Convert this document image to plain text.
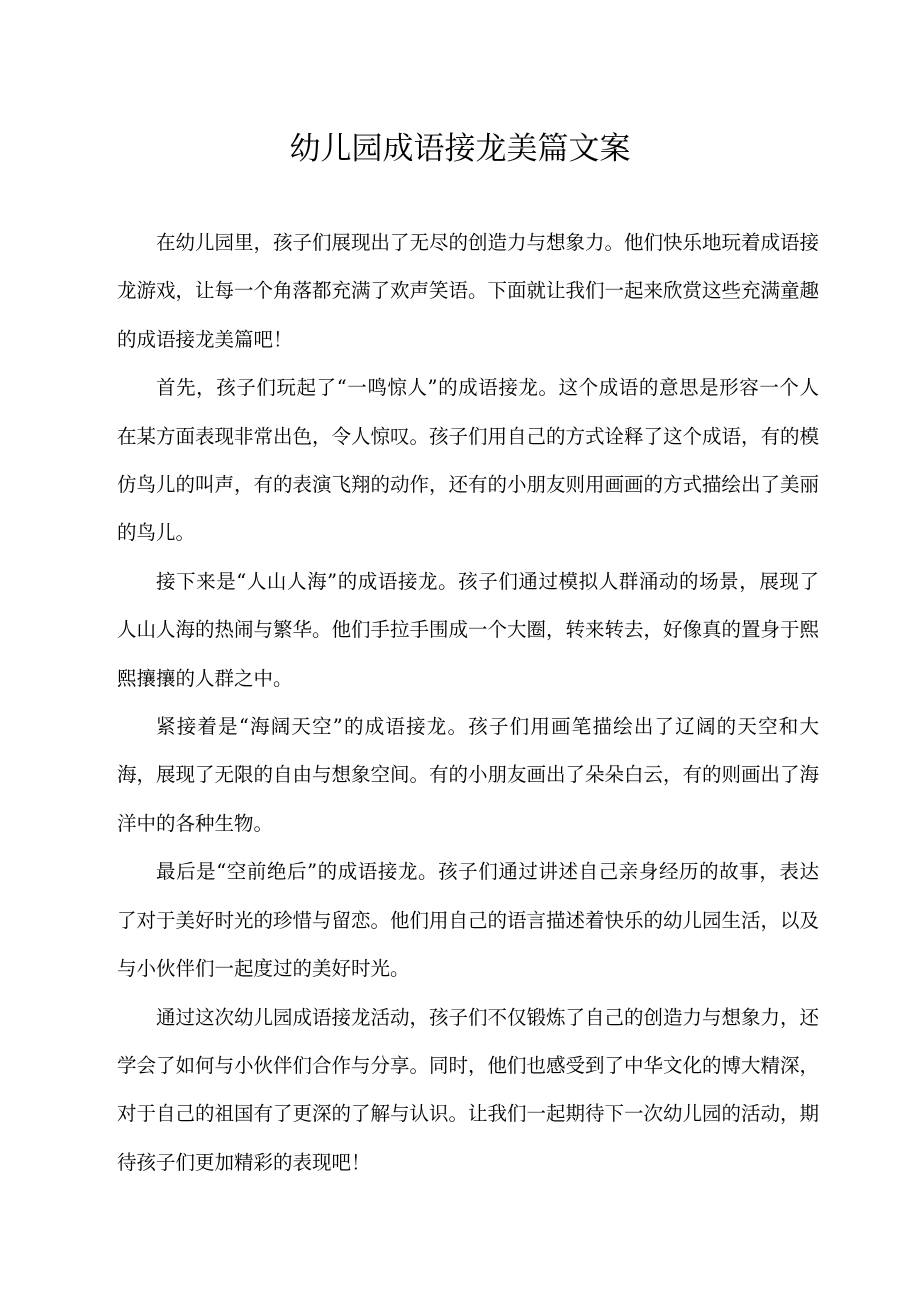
幼儿园成语接龙美篇文案

在幼儿园里，孩子们展现出了无尽的创造力与想象力。他们快乐地玩着成语接龙游戏，让每一个角落都充满了欢声笑语。下面就让我们一起来欣赏这些充满童趣的成语接龙美篇吧！

首先，孩子们玩起了“一鸣惊人”的成语接龙。这个成语的意思是形容一个人在某方面表现非常出色，令人惊叹。孩子们用自己的方式诠释了这个成语，有的模仿鸟儿的叫声，有的表演飞翔的动作，还有的小朋友则用画画的方式描绘出了美丽的鸟儿。

接下来是“人山人海”的成语接龙。孩子们通过模拟人群涌动的场景，展现了人山人海的热闹与繁华。他们手拉手围成一个大圈，转来转去，好像真的置身于熙熙攘攘的人群之中。

紧接着是“海阔天空”的成语接龙。孩子们用画笔描绘出了辽阔的天空和大海，展现了无限的自由与想象空间。有的小朋友画出了朵朵白云，有的则画出了海洋中的各种生物。

最后是“空前绝后”的成语接龙。孩子们通过讲述自己亲身经历的故事，表达了对于美好时光的珍惜与留恋。他们用自己的语言描述着快乐的幼儿园生活，以及与小伙伴们一起度过的美好时光。

通过这次幼儿园成语接龙活动，孩子们不仅锻炼了自己的创造力与想象力，还学会了如何与小伙伴们合作与分享。同时，他们也感受到了中华文化的博大精深，对于自己的祖国有了更深的了解与认识。让我们一起期待下一次幼儿园的活动，期待孩子们更加精彩的表现吧！
